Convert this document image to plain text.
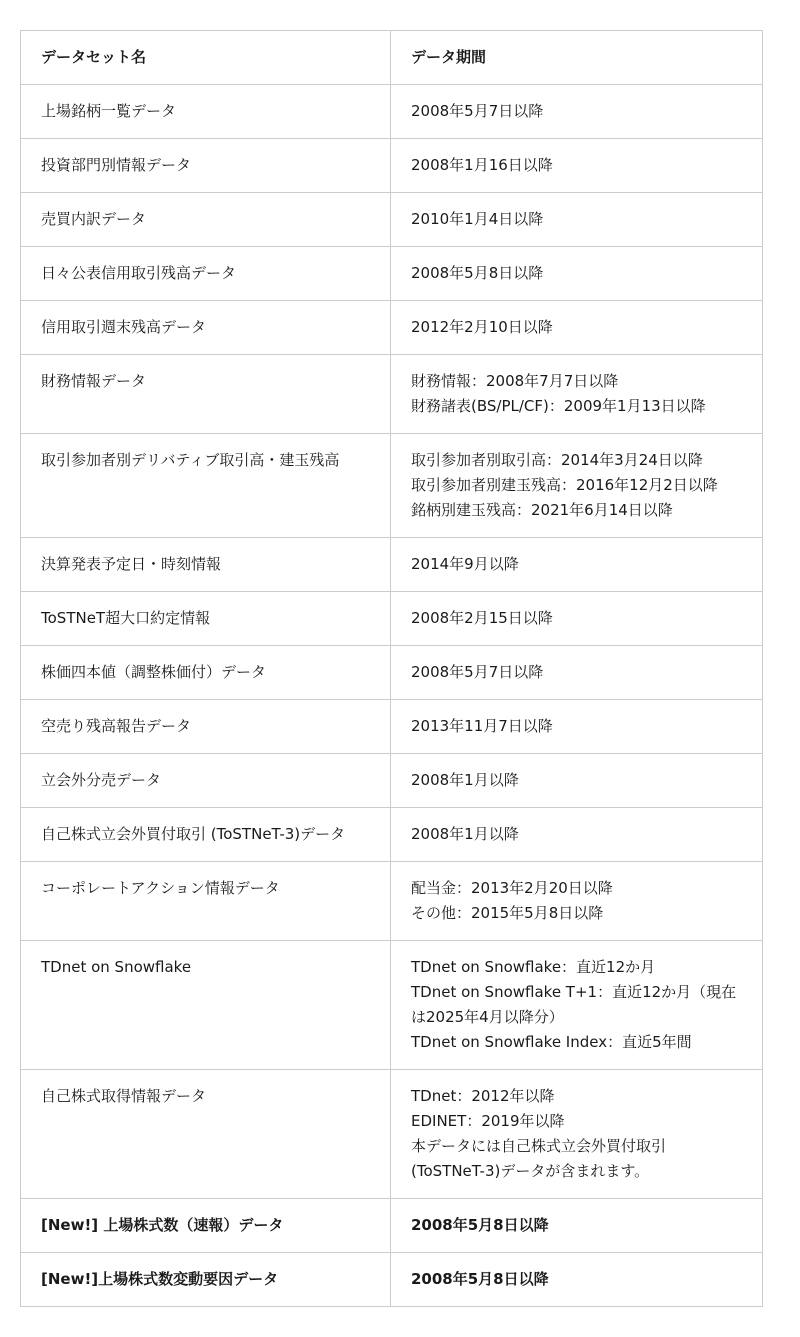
データセット名	データ期間
上場銘柄一覧データ	2008年5月7日以降

投資部門別情報データ	2008年1月16日以降

売買内訳データ	2010年1月4日以降

日々公表信用取引残高データ	2008年5月8日以降

信用取引週末残高データ	2012年2月10日以降

財務情報データ	財務情報：2008年7月7日以降
財務諸表(BS/PL/CF)：2009年1月13日以降

取引参加者別デリバティブ取引高・建玉残高	取引参加者別取引高：2014年3月24日以降
取引参加者別建玉残高：2016年12月2日以降
銘柄別建玉残高：2021年6月14日以降

決算発表予定日・時刻情報	2014年9月以降

ToSTNeT超大口約定情報	2008年2月15日以降

株価四本値（調整株価付）データ	2008年5月7日以降

空売り残高報告データ	2013年11月7日以降

立会外分売データ	2008年1月以降

自己株式立会外買付取引 (ToSTNeT-3)データ	2008年1月以降

コーポレートアクション情報データ	配当金：2013年2月20日以降
その他：2015年5月8日以降

TDnet on Snowflake	TDnet on Snowflake：直近12か月
TDnet on Snowflake T+1：直近12か月（現在は2025年4月以降分）
TDnet on Snowflake Index：直近5年間

自己株式取得情報データ	TDnet：2012年以降
EDINET：2019年以降
本データには自己株式立会外買付取引 (ToSTNeT-3)データが含まれます。

[New!] 上場株式数（速報）データ	2008年5月8日以降

[New!]上場株式数変動要因データ	2008年5月8日以降
